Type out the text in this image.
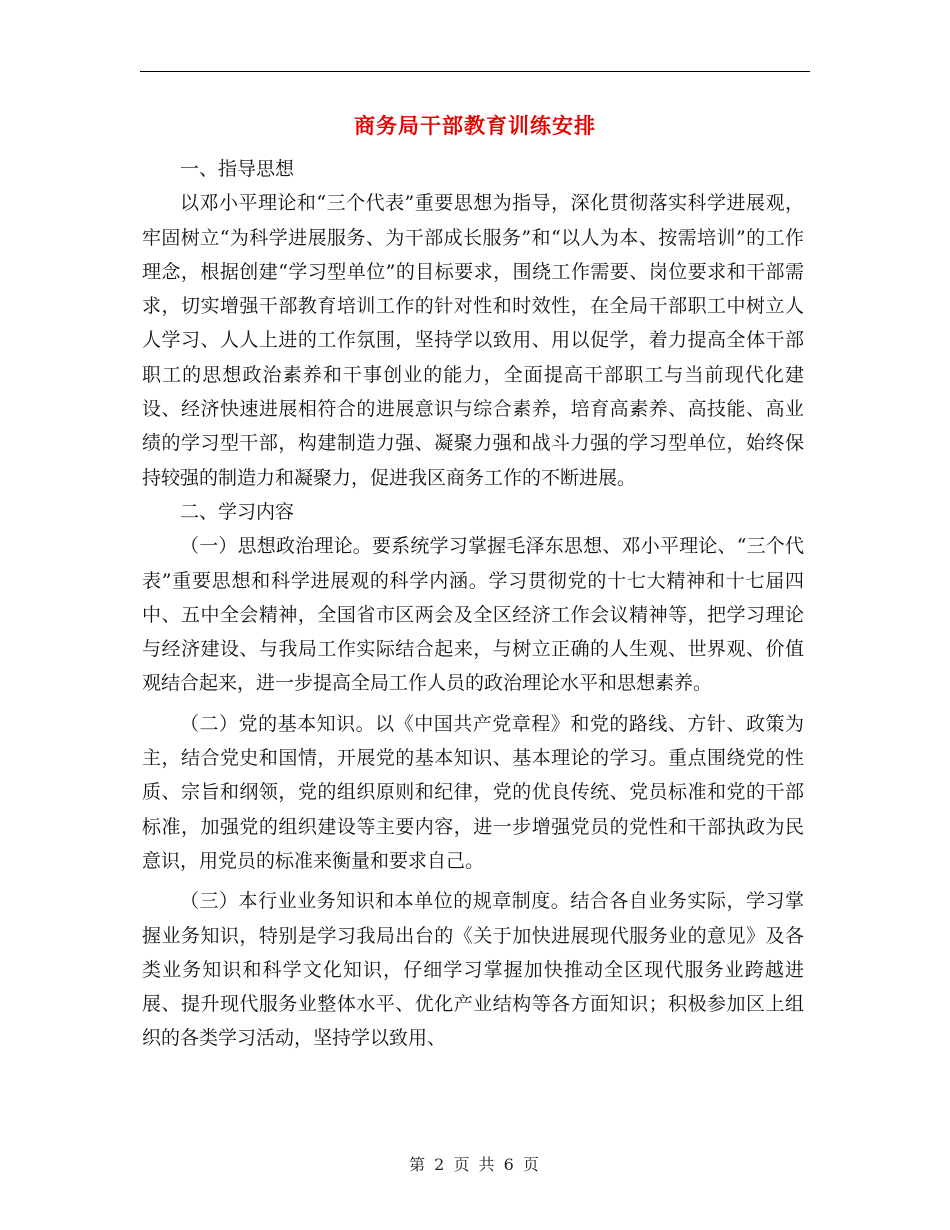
商务局干部教育训练安排

一、指导思想

以邓小平理论和“三个代表”重要思想为指导，深化贯彻落实科学进展观，牢固树立“为科学进展服务、为干部成长服务”和“以人为本、按需培训”的工作理念，根据创建“学习型单位”的目标要求，围绕工作需要、岗位要求和干部需求，切实增强干部教育培训工作的针对性和时效性，在全局干部职工中树立人人学习、人人上进的工作氛围，坚持学以致用、用以促学，着力提高全体干部职工的思想政治素养和干事创业的能力，全面提高干部职工与当前现代化建设、经济快速进展相符合的进展意识与综合素养，培育高素养、高技能、高业绩的学习型干部，构建制造力强、凝聚力强和战斗力强的学习型单位，始终保持较强的制造力和凝聚力，促进我区商务工作的不断进展。

二、学习内容

（一）思想政治理论。要系统学习掌握毛泽东思想、邓小平理论、“三个代表”重要思想和科学进展观的科学内涵。学习贯彻党的十七大精神和十七届四中、五中全会精神，全国省市区两会及全区经济工作会议精神等，把学习理论与经济建设、与我局工作实际结合起来，与树立正确的人生观、世界观、价值观结合起来，进一步提高全局工作人员的政治理论水平和思想素养。

（二）党的基本知识。以《中国共产党章程》和党的路线、方针、政策为主，结合党史和国情，开展党的基本知识、基本理论的学习。重点围绕党的性质、宗旨和纲领，党的组织原则和纪律，党的优良传统、党员标准和党的干部标准，加强党的组织建设等主要内容，进一步增强党员的党性和干部执政为民意识，用党员的标准来衡量和要求自己。

（三）本行业业务知识和本单位的规章制度。结合各自业务实际，学习掌握业务知识，特别是学习我局出台的《关于加快进展现代服务业的意见》及各类业务知识和科学文化知识，仔细学习掌握加快推动全区现代服务业跨越进展、提升现代服务业整体水平、优化产业结构等各方面知识；积极参加区上组织的各类学习活动，坚持学以致用、

第 2 页 共 6 页
